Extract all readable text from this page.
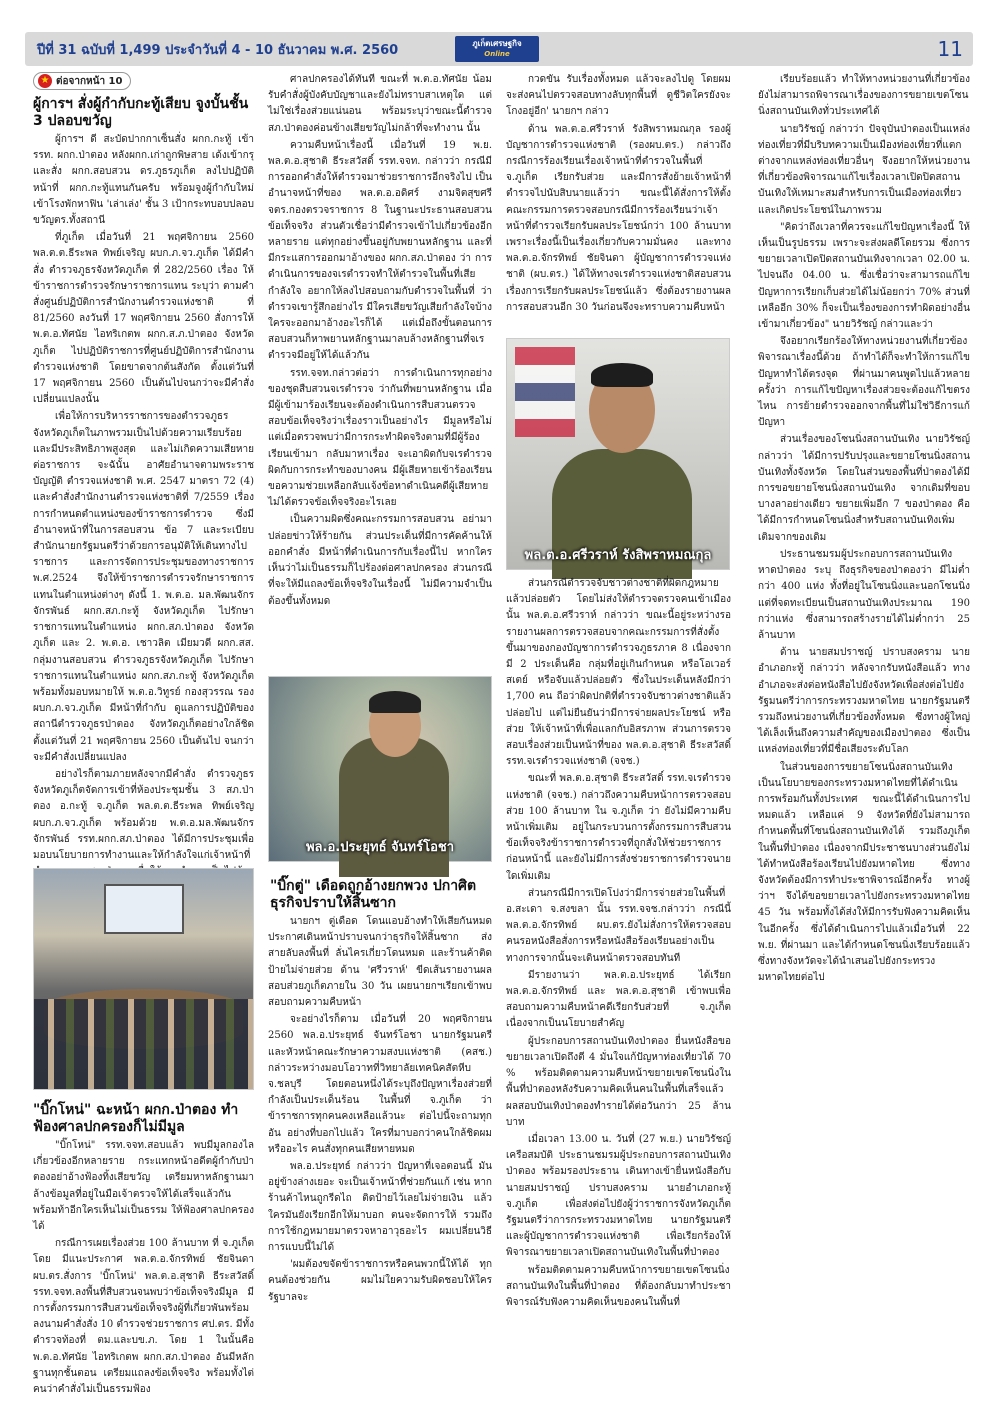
ปีที่ 31 ฉบับที่ 1,499 ประจำวันที่ 4 - 10 ธันวาคม พ.ศ. 2560	ภูเก็ตเศรษฐกิจ
Online	11
★ ต่อจากหน้า 10
ผู้การฯ สั่งผู้กำกับกะทู้เสียบ จูงบั้นชั้น 3 ปลอบขวัญ

ผู้การฯ ดี สะบัดปากกาเซ็นสั่ง ผกก.กะทู้ เข้ารรท. ผกก.ป่าตอง หลังผกก.เก่าถูกพิษสาย เด้งเข้ากรุและสั่ง ผกก.สอบสวน ดร.ภูธรภูเก็ต ลงไปปฏิบัติหน้าที่ ผกก.กะทู้แทนกันครับ พร้อมจูงผู้กำกับใหม่เข้าโรงพักหาฟิน 'เล่าเล่ง' ชั้น 3 เป้ากระทบอบปลอบขวัญตร.ทั้งสถานี

ที่ภูเก็ต เมื่อวันที่ 21 พฤศจิกายน 2560 พล.ต.ต.ธีระพล ทิพย์เจริญ ผบก.ภ.จว.ภูเก็ต ได้มีคำสั่ง ตำรวจภูธรจังหวัดภูเก็ต ที่ 282/2560 เรื่อง ให้ข้าราชการตำรวจรักษาราชการแทน ระบุว่า ตามคำสั่งศูนย์ปฏิบัติการสำนักงานตำรวจแห่งชาติ ที่ 81/2560 ลงวันที่ 17 พฤศจิกายน 2560 สั่งการให้ พ.ต.อ.ทัศนัย ไอทริเกตพ ผกก.ส.ภ.ป่าตอง จังหวัดภูเก็ต ไปปฏิบัติราชการที่ศูนย์ปฏิบัติการสำนักงานตำรวจแห่งชาติ โดยขาดจากต้นสังกัด ตั้งแต่วันที่ 17 พฤศจิกายน 2560 เป็นต้นไปจนกว่าจะมีคำสั่งเปลี่ยนแปลงนั้น

เพื่อให้การบริหารราชการของตำรวจภูธรจังหวัดภูเก็ตในภาพรวมเป็นไปด้วยความเรียบร้อย และมีประสิทธิภาพสูงสุด และไม่เกิดความเสียหายต่อราชการ จะฉันั้น อาศัยอำนาจตามพระราชบัญญัติ ตำรวจแห่งชาติ พ.ศ. 2547 มาตรา 72 (4) และคำสั่งสำนักงานตำรวจแห่งชาติที่ 7/2559 เรื่อง การกำหนดตำแหน่งของข้าราชการตำรวจ ซึ่งมีอำนาจหน้าที่ในการสอบสวน ข้อ 7 และระเบียบสำนักนายกรัฐมนตรีว่าด้วยการอนุมัติให้เดินทางไปราชการ และการจัดการประชุมของทางราชการ พ.ศ.2524 จึงให้ข้าราชการตำรวจรักษาราชการแทนในตำแหน่งต่างๆ ดังนี้ 1. พ.ต.อ. มล.พัฒนจักร จักรพันธ์ ผกก.สภ.กะทู้ จังหวัดภูเก็ต ไปรักษาราชการแทนในตำแหน่ง ผกก.สภ.ป่าตอง จังหวัดภูเก็ต และ 2. พ.ต.อ. เชาวลิต เมียมวดี ผกก.สส. กลุ่มงานสอบสวน ตำรวจภูธรจังหวัดภูเก็ต ไปรักษาราชการแทนในตำแหน่ง ผกก.สภ.กะทู้ จังหวัดภูเก็ต พร้อมทั้งมอบหมายให้ พ.ต.อ.วิทูรย์ กองสุวรรณ รองผบก.ภ.จว.ภูเก็ต มีหน้าที่กำกับ ดูแลการปฏิบัติของสถานีตำรวจภูธรป่าตอง จังหวัดภูเก็ตอย่างใกล้ชิด ตั้งแต่วันที่ 21 พฤศจิกายน 2560 เป็นต้นไป จนกว่าจะมีคำสั่งเปลี่ยนแปลง

อย่างไรก็ตามภายหลังจากมีคำสั่ง ตำรวจภูธรจังหวัดภูเก็ตจัดการเข้าที่ห้องประชุมชั้น 3 สภ.ป่าตอง อ.กะทู้ จ.ภูเก็ต พล.ต.ต.ธีระพล ทิพย์เจริญ ผบก.ภ.จว.ภูเก็ต พร้อมด้วย พ.ต.อ.มล.พัฒนจักร จักรพันธ์ รรท.ผกก.สภ.ป่าตอง ได้มีการประชุมเพื่อมอบนโยบายการทำงานและให้กำลังใจแก่เจ้าหน้าที่

"บิ๊กโหน่" ฉะหน้า ผกก.ป่าตอง ทำฟ้องศาลปกครองก็ไม่มีมูล

"บิ๊กโหน่" รรท.จจท.สอบแล้ว พบมีมูลกองไลเกี่ยวข้องอีกหลายราย กระแทกหน้าอดีตผู้กำกับป่าตองอย่าอ้างฟ้องทิ้งเสียขวัญ เตรียมหาหลักฐานมาล้างข้อมูลที่อยู่ในมือเจ้าตรวจให้ได้เสร็จแล้วกัน พร้อมท้าอีกใครเห็นไม่เป็นธรรม ให้ฟ้องศาลปกครองได้

กรณีการเผยเรื่องส่วย 100 ล้านบาท ที่ จ.ภูเก็ต โดย มีแนะประกาศ พล.ต.อ.จักรทิพย์ ชัยจินดา ผบ.ตร.สั่งการ 'บิ๊กโหน่' พล.ต.อ.สุชาติ ธีระสวัสดิ์ รรท.จจท.ลงพื้นที่สืบสวนจนพบว่าข้อเท็จจริงมีมูล มีการตั้งกรรมการสืบสวนข้อเท็จจริงผู้ที่เกี่ยวพันพร้อมลงนามคำสั่งสั่ง 10 ตำรวจช่วยราชการ ศป.ตร. มีทั้งตำรวจท้องที่ ตม.และบข.ภ. โดย 1 ในนั้นคือ พ.ต.อ.ทัศนัย ไอทริเกตพ ผกก.สภ.ป่าตอง อันมีหลักฐานทุกชั้นตอน เตรียมแถลงข้อเท็จจริง พร้อมทั้งไต่คนว่าคำสั่งไม่เป็นธรรมฟ้อง

ศาลปกครองได้ทันที ขณะที่ พ.ต.อ.ทัศนัย น้อมรับคำสั่งผู้บังคับบัญชาและยังไม่ทราบสาเหตุใด แต่ไม่ใช่เรื่องส่วยแน่นอน พร้อมระบุว่าขณะนี้ตำรวจ สภ.ป่าตองค่อนข้างเสียขวัญไม่กล้าที่จะทำงาน นั้น

ความคืบหน้าเรื่องนี้ เมื่อวันที่ 19 พ.ย. พล.ต.อ.สุชาติ ธีระสวัสดิ์ รรท.จจท. กล่าวว่า กรณีมีการออกคำสั่งให้ตำรวจมาช่วยราชการอีกจริงไป เป็นอำนาจหน้าที่ของ พล.ต.อ.อดิศร์ งามจิตสุขศรี จตร.กองตรวจราชการ 8 ในฐานะประธานสอบสวนข้อเท็จจริง ส่วนตัวเชื่อว่ามีตำรวจเข้าไปเกี่ยวข้องอีกหลายราย แต่ทุกอย่างขึ้นอยู่กับพยานหลักฐาน และที่มีกระแสการออกมาอ้างของ ผกก.สภ.ป่าตอง ว่า การดำเนินการของจเรตำรวจทำให้ตำรวจในพื้นที่เสียกำลังใจ อยากให้ลงไปสอบถามกับตำรวจในพื้นที่ ว่าตำรวจเขารู้สึกอย่างไร มีใครเสียขวัญเสียกำลังใจบ้าง ใครจะออกมาอ้างอะไรก็ได้ แต่เมื่อถึงขั้นตอนการสอบสวนก็หาพยานหลักฐานมาลบล้างหลักฐานที่จเรตำรวจมีอยู่ให้ได้แล้วกัน

รรท.จจท.กล่าวต่อว่า การดำเนินการทุกอย่างของชุดสืบสวนจเรตำรวจ ว่ากันที่พยานหลักฐาน เมื่อมีผู้เข้ามาร้องเรียนจะต้องดำเนินการสืบสวนตรวจสอบข้อเท็จจริงว่าเรื่องราวเป็นอย่างไร มีมูลหรือไม่ แต่เมื่อตรวจพบว่ามีการกระทำผิดจริงตามที่มีผู้ร้องเรียนเข้ามา กลับมาหาเรื่อง จะเอาผิดกับจเรตำรวจ ผิดกับการกระทำของบางคน มีผู้เสียหายเข้าร้องเรียนขอความช่วยเหลือกลับแจ้งข้อหาดำเนินคดีผู้เสียหาย ไม่ได้ตรวจข้อเท็จจริงอะไรเลย

เป็นความผิดซึ่งคณะกรรมการสอบสวน อย่ามาปล่อยข่าวให้ร้ายกัน ส่วนประเด็นที่มีการคัดค้านให้ออกคำสั่ง มีหน้าที่ดำเนินการกับเรื่องนี้ไป หากใครเห็นว่าไม่เป็นธรรมก็ไปร้องต่อศาลปกครอง ส่วนกรณีที่จะให้มีแถลงข้อเท็จจริงในเรื่องนี้ ไม่มีความจำเป็นต้องขึ้นทั้งหมด

พล.อ.ประยุทธ์ จันทร์โอชา
"บิ๊กตู่" เดือดถูกอ้างยกพวง ปกาศิตธุรกิจปราบให้สิ้นซาก

นายกฯ ตู่เดือด โดนแอบอ้างทำให้เสียกันหมด ประกาศเดินหน้าปราบจนกว่าธุรกิจให้สิ้นซาก ส่งสายลับลงพื้นที่ ลั่นไครเกี่ยวโดนหมด และร้านค้าติดป้ายไม่จ่ายส่วย ด้าน 'ศรีวราห์' ขีดเส้นรายงานผลสอบส่วยภูเก็ตภายใน 30 วัน เผยนายกฯเรียกเข้าพบสอบถามความคืบหน้า

จะอย่างไรก็ตาม เมื่อวันที่ 20 พฤศจิกายน 2560 พล.อ.ประยุทธ์ จันทร์โอชา นายกรัฐมนตรี และหัวหน้าคณะรักษาความสงบแห่งชาติ (คสช.) กล่าวระหว่างมอบโอวาทที่วิทยาลัยเทคนิคสัตหีบ จ.ชลบุรี โดยตอนหนึ่งได้ระบุถึงปัญหาเรื่องส่วยที่กำลังเป็นประเด็นร้อน ในพื้นที่ จ.ภูเก็ต ว่า ข้าราชการทุกคนคงเหลือแล้วนะ ต่อไปนี้จะถามทุกอัน อย่างที่บอกไปแล้ว ใครที่มาบอกว่าคนใกล้ชิดผมหรืออะไร คนสั่งทุกคนเสียหายหมด

พล.อ.ประยุทธ์ กล่าวว่า ปัญหาที่เจอตอนนี้ มันอยู่ข้างล่างเยอะ จะเป็นเจ้าหน้าที่ช่วยกันแก้ เช่น หากร้านค้าไหนถูกรีดไถ ติดป้ายไว้เลยไม่จ่ายเงิน แล้วใครมันยังเรียกอีกให้มาบอก ตนจะจัดการให้ รวมถึงการใช้กฎหมายมาตรวจหาอาวุธอะไร ผมเปลี่ยนวิธีการแบบนี้ไม่ได้

'ผมต้องขจัดข้าราชการหรือคนพวกนี้ให้ได้ ทุกคนต้องช่วยกัน ผมไม่ใยความรับผิดชอบให้ใคร รัฐบาลจะ

กวดขัน รับเรื่องทั้งหมด แล้วจะลงไปดู โดยผมจะส่งคนไปตรวจสอบทางลับทุกพื้นที่ ดูชีวิตใครยังจะโกงอยู่อีก' นายกฯ กล่าว

ด้าน พล.ต.อ.ศรีวราห์ รังสิพราหมณกุล รองผู้บัญชาการตำรวจแห่งชาติ (รองผบ.ตร.) กล่าวถึงกรณีการร้องเรียนเรื่องเจ้าหน้าที่ตำรวจในพื้นที่ จ.ภูเก็ต เรียกรับส่วย และมีการสั่งย้ายเจ้าหน้าที่ตำรวจไปนับสิบนายแล้วว่า ขณะนี้ได้สั่งการให้ตั้งคณะกรรมการตรวจสอบกรณีมีการร้องเรียนว่าเจ้าหน้าที่ตำรวจเรียกรับผลประโยชน์กว่า 100 ล้านบาท เพราะเรื่องนี้เป็นเรื่องเกี่ยวกับความมั่นคง และทาง พล.ต.อ.จักรทิพย์ ชัยจินดา ผู้บัญชาการตำรวจแห่งชาติ (ผบ.ตร.) ได้ให้ทางจเรตำรวจแห่งชาติสอบสวนเรื่องการเรียกรับผลประโยชน์แล้ว ซึ่งต้องรายงานผลการสอบสวนอีก 30 วันก่อนจึงจะทราบความคืบหน้า

พล.ต.อ.ศรีวราห์ รังสิพราหมณกุล

ส่วนกรณีตำรวจจับชาวต่างชาติที่ผิดกฎหมายแล้วปล่อยตัว โดยไม่ส่งให้ตำรวจตรวจคนเข้าเมืองนั้น พล.ต.อ.ศรีวราห์ กล่าวว่า ขณะนี้อยู่ระหว่างรอรายงานผลการตรวจสอบจากคณะกรรมการที่สั่งตั้งขึ้นมาของกองบัญชาการตำรวจภูธรภาค 8 เนื่องจากมี 2 ประเด็นคือ กลุ่มที่อยู่เกินกำหนด หรือโอเวอร์ สเตย์ หรือจับแล้วปล่อยตัว ซึ่งในประเด็นหลังมีกว่า 1,700 คน ถือว่าผิดปกติที่ตำรวจจับชาวต่างชาติแล้วปล่อยไป แต่ไม่ยืนยันว่ามีการจ่ายผลประโยชน์ หรือส่วย ให้เจ้าหน้าที่เพื่อแลกกับอิสรภาพ ส่วนการตรวจสอบเรื่องส่วยเป็นหน้าที่ของ พล.ต.อ.สุชาติ ธีระสวัสดิ์ รรท.จเรตำรวจแห่งชาติ (จจช.)

ขณะที่ พล.ต.อ.สุชาติ ธีระสวัสดิ์ รรท.จเรตำรวจแห่งชาติ (จจช.) กล่าวถึงความคืบหน้าการตรวจสอบส่วย 100 ล้านบาท ใน จ.ภูเก็ต ว่า ยังไม่มีความคืบหน้าเพิ่มเติม อยู่ในกระบวนการตั้งกรรมการสืบสวนข้อเท็จจริงข้าราชการตำรวจที่ถูกสั่งให้ช่วยราชการ ก่อนหน้านี้ และยังไม่มีการสั่งช่วยราชการตำรวจนายใดเพิ่มเติม

ส่วนกรณีมีการเปิดโปงว่ามีการจ่ายส่วยในพื้นที่ อ.สะเดา จ.สงขลา นั้น รรท.จจช.กล่าวว่า กรณีนี้ พล.ต.อ.จักรทิพย์ ผบ.ตร.ยังไม่สั่งการให้ตรวจสอบ คนรอหนังสือสั่งการหรือหนังสือร้องเรียนอย่างเป็นทางการจากนั้นจะเดินหน้าตรวจสอบทันที

มีรายงานว่า พล.ต.อ.ประยุทธ์ ได้เรียก พล.ต.อ.จักรทิพย์ และ พล.ต.อ.สุชาติ เข้าพบเพื่อสอบถามความคืบหน้าคดีเรียกรับส่วยที่ จ.ภูเก็ต เนื่องจากเป็นนโยบายสำคัญ

ผู้ประกอบการสถานบันเทิงป่าตอง ยื่นหนังสือขอขยายเวลาเปิดถึงตี 4 มั่นใจแก้ปัญหาท่องเที่ยวได้ 70 % พร้อมติดตามความคืบหน้าขยายเขตโซนนิ่งในพื้นที่ป่าตองหลังรับความคิดเห็นคนในพื้นที่เสร็จแล้ว ผลสอบบันเทิงป่าตองทำรายได้ต่อวันกว่า 25 ล้านบาท

เมื่อเวลา 13.00 น. วันที่ (27 พ.ย.) นายวิรัชญ์ เครือสมบัติ ประธานชมรมผู้ประกอบการสถานบันเทิงป่าตอง พร้อมรองประธาน เดินทางเข้ายื่นหนังสือกับนายสมปราชญ์ ปราบสงคราม นายอำเภอกะทู้ จ.ภูเก็ต เพื่อส่งต่อไปยังผู้ว่าราชการจังหวัดภูเก็ต รัฐมนตรีว่าการกระทรวงมหาดไทย นายกรัฐมนตรี และผู้บัญชาการตำรวจแห่งชาติ เพื่อเรียกร้องให้พิจารณาขยายเวลาเปิดสถานบันเทิงในพื้นที่ป่าตอง

พร้อมติดตามความคืบหน้าการขยายเขตโซนนิ่งสถานบันเทิงในพื้นที่ป่าตอง ที่ต้องกลับมาทำประชาพิจารณ์รับฟังความคิดเห็นของคนในพื้นที่

เรียบร้อยแล้ว ทำให้ทางหน่วยงานที่เกี่ยวข้องยังไม่สามารถพิจารณาเรื่องของการขยายเขตโซนนิ่งสถานบันเทิงทั่วประเทศได้

นายวิรัชญ์ กล่าวว่า ปัจจุบันป่าตองเป็นแหล่งท่องเที่ยวที่มีบริบทความเป็นเมืองท่องเที่ยวที่แตกต่างจากแหล่งท่องเที่ยวอื่นๆ จึงอยากให้หน่วยงานที่เกี่ยวข้องพิจารณาแก้ไขเรื่องเวลาเปิดปิดสถานบันเทิงให้เหมาะสมสำหรับการเป็นเมืองท่องเที่ยว และเกิดประโยชน์ในภาพรวม

"คิดว่าถึงเวลาที่ควรจะแก้ไขปัญหาเรื่องนี้ ให้เห็นเป็นรูปธรรม เพราะจะส่งผลดีโดยรวม ซึ่งการขยายเวลาเปิดปิดสถานบันเทิงจากเวลา 02.00 น. ไปจนถึง 04.00 น. ซึ่งเชื่อว่าจะสามารถแก้ไขปัญหาการเรียกเก็บส่วยได้ไม่น้อยกว่า 70% ส่วนที่เหลืออีก 30% ก็จะเป็นเรื่องของการทำผิดอย่างอื่นเข้ามาเกี่ยวข้อง" นายวิรัชญ์ กล่าวและว่า

จึงอยากเรียกร้องให้ทางหน่วยงานที่เกี่ยวข้องพิจารณาเรื่องนี้ด้วย ถ้าทำได้ก็จะทำให้การแก้ไขปัญหาทำได้ตรงจุด ที่ผ่านมาคนพูดไปแล้วหลายครั้งว่า การแก้ไขปัญหาเรื่องส่วยจะต้องแก้ไขตรงไหน การย้ายตำรวจออกจากพื้นที่ไม่ใช่วิธีการแก้ปัญหา

ส่วนเรื่องของโซนนิ่งสถานบันเทิง นายวิรัชญ์ กล่าวว่า ได้มีการปรับปรุงและขยายโซนนิ่งสถานบันเทิงทั้งจังหวัด โดยในส่วนของพื้นที่ป่าตองได้มีการขอขยายโซนนิ่งสถานบันเทิง จากเดิมที่ขอบบางลาอย่างเดียว ขยายเพิ่มอีก 7 ของป่าตอง คือ ได้มีการกำหนดโซนนิ่งสำหรับสถานบันเทิงเพิ่มเติมจากของเดิม

ประธานชมรมผู้ประกอบการสถานบันเทิงหาดป่าตอง ระบุ ถึงธุรกิจของป่าตองว่า มีไม่ต่ำกว่า 400 แห่ง ทั้งที่อยู่ในโซนนิ่งและนอกโซนนิ่ง แต่ที่จดทะเบียนเป็นสถานบันเทิงประมาณ 190 กว่าแห่ง ซึ่งสามารถสร้างรายได้ไม่ต่ำกว่า 25 ล้านบาท

ด้าน นายสมปราชญ์ ปราบสงคราม นายอำเภอกะทู้ กล่าวว่า หลังจากรับหนังสือแล้ว ทางอำเภอจะส่งต่อหนังสือไปยังจังหวัดเพื่อส่งต่อไปยังรัฐมนตรีว่าการกระทรวงมหาดไทย นายกรัฐมนตรี รวมถึงหน่วยงานที่เกี่ยวข้องทั้งหมด ซึ่งทางผู้ใหญ่ได้เล็งเห็นถึงความสำคัญของเมืองป่าตอง ซึ่งเป็นแหล่งท่องเที่ยวที่มีชื่อเสียงระดับโลก

ในส่วนของการขยายโซนนิ่งสถานบันเทิง เป็นนโยบายของกระทรวงมหาดไทยที่ได้ดำเนินการพร้อมกันทั้งประเทศ ขณะนี้ได้ดำเนินการไปหมดแล้ว เหลือแค่ 9 จังหวัดที่ยังไม่สามารถกำหนดพื้นที่โซนนิ่งสถานบันเทิงได้ รวมถึงภูเก็ต ในพื้นที่ป่าตอง เนื่องจากมีประชาชนบางส่วนยังไม่ได้ทำหนังสือร้องเรียนไปยังมหาดไทย ซึ่งทางจังหวัดต้องมีการทำประชาพิจารณ์อีกครั้ง ทางผู้ว่าฯ จึงได้ขอขยายเวลาไปยังกระทรวงมหาดไทย 45 วัน พร้อมทั้งได้ส่งให้มีการรับฟังความคิดเห็นในอีกครั้ง ซึ่งได้ดำเนินการไปแล้วเมื่อวันที่ 22 พ.ย. ที่ผ่านมา และได้กำหนดโซนนิ่งเรียบร้อยแล้ว ซึ่งทางจังหวัดจะได้นำเสนอไปยังกระทรวงมหาดไทยต่อไป
